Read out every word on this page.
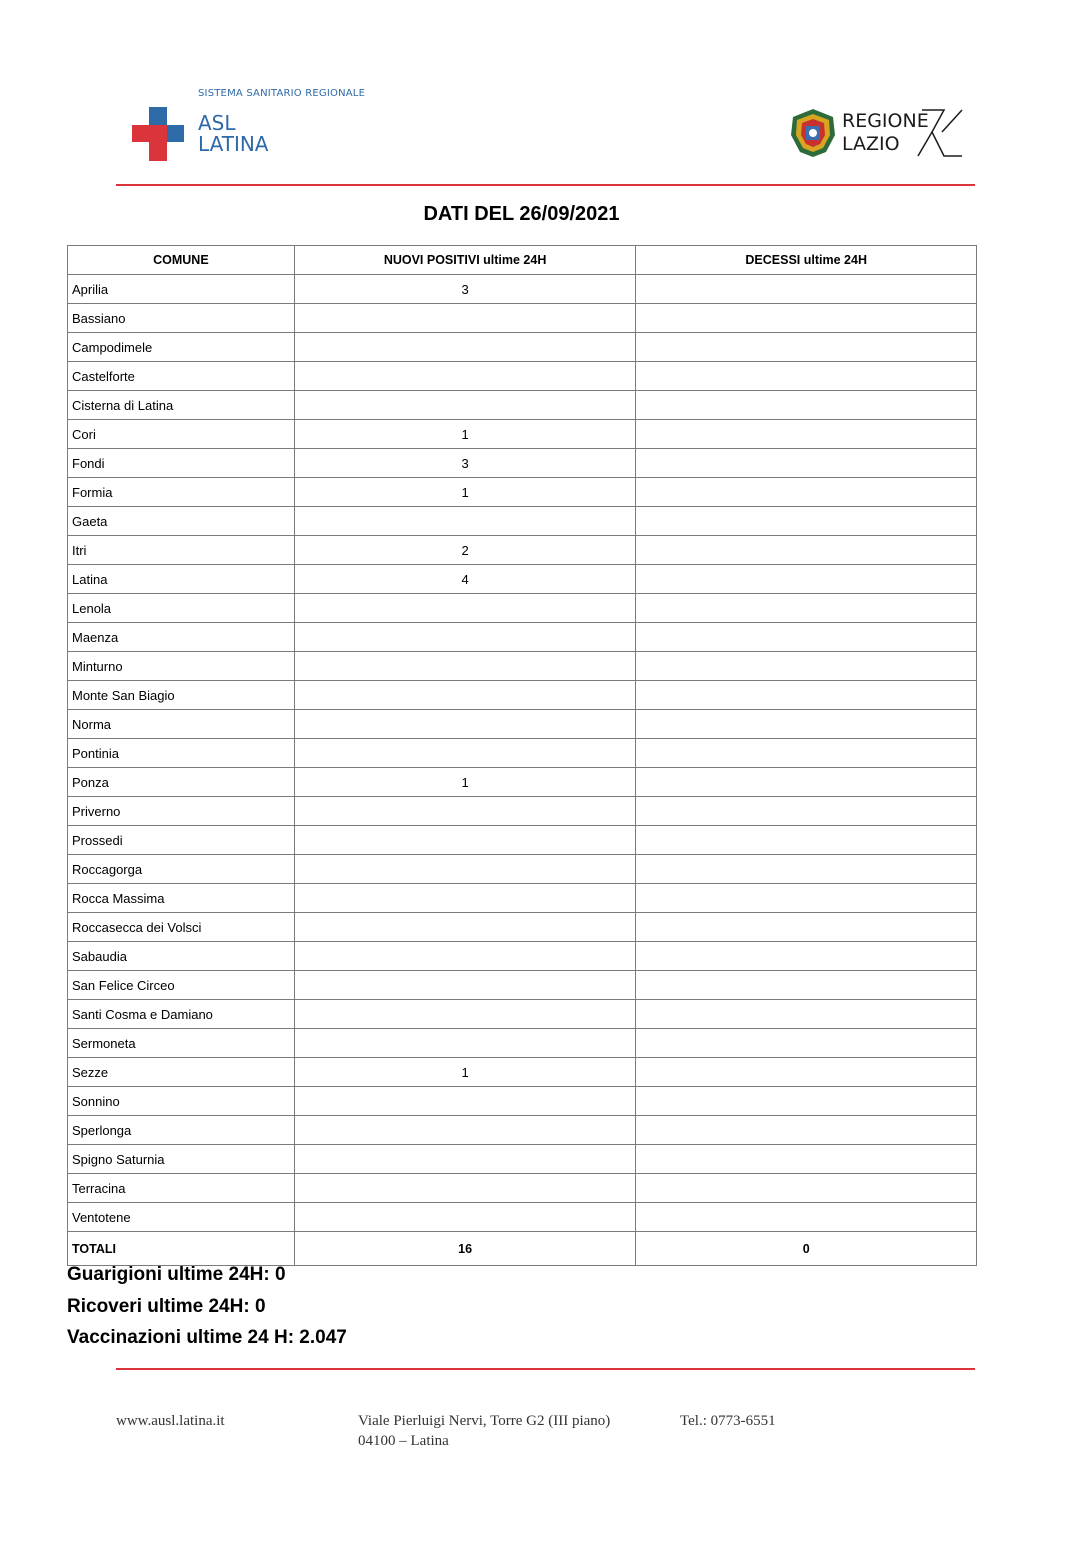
SISTEMA SANITARIO REGIONALE
ASL
LATINA
REGIONE
LAZIO
DATI DEL 26/09/2021
COMUNE	NUOVI POSITIVI ultime 24H	DECESSI ultime 24H
Aprilia	3	
Bassiano		
Campodimele		
Castelforte		
Cisterna di Latina		
Cori	1	
Fondi	3	
Formia	1	
Gaeta		
Itri	2	
Latina	4	
Lenola		
Maenza		
Minturno		
Monte San Biagio		
Norma		
Pontinia		
Ponza	1	
Priverno		
Prossedi		
Roccagorga		
Rocca Massima		
Roccasecca dei Volsci		
Sabaudia		
San Felice Circeo		
Santi Cosma e Damiano		
Sermoneta		
Sezze	1	
Sonnino		
Sperlonga		
Spigno Saturnia		
Terracina		
Ventotene		
TOTALI	16	0
Guarigioni ultime 24H: 0
Ricoveri ultime 24H: 0
Vaccinazioni ultime 24 H: 2.047
www.ausl.latina.it	Viale Pierluigi Nervi, Torre G2 (III piano)
04100 – Latina
Tel.: 0773-6551
